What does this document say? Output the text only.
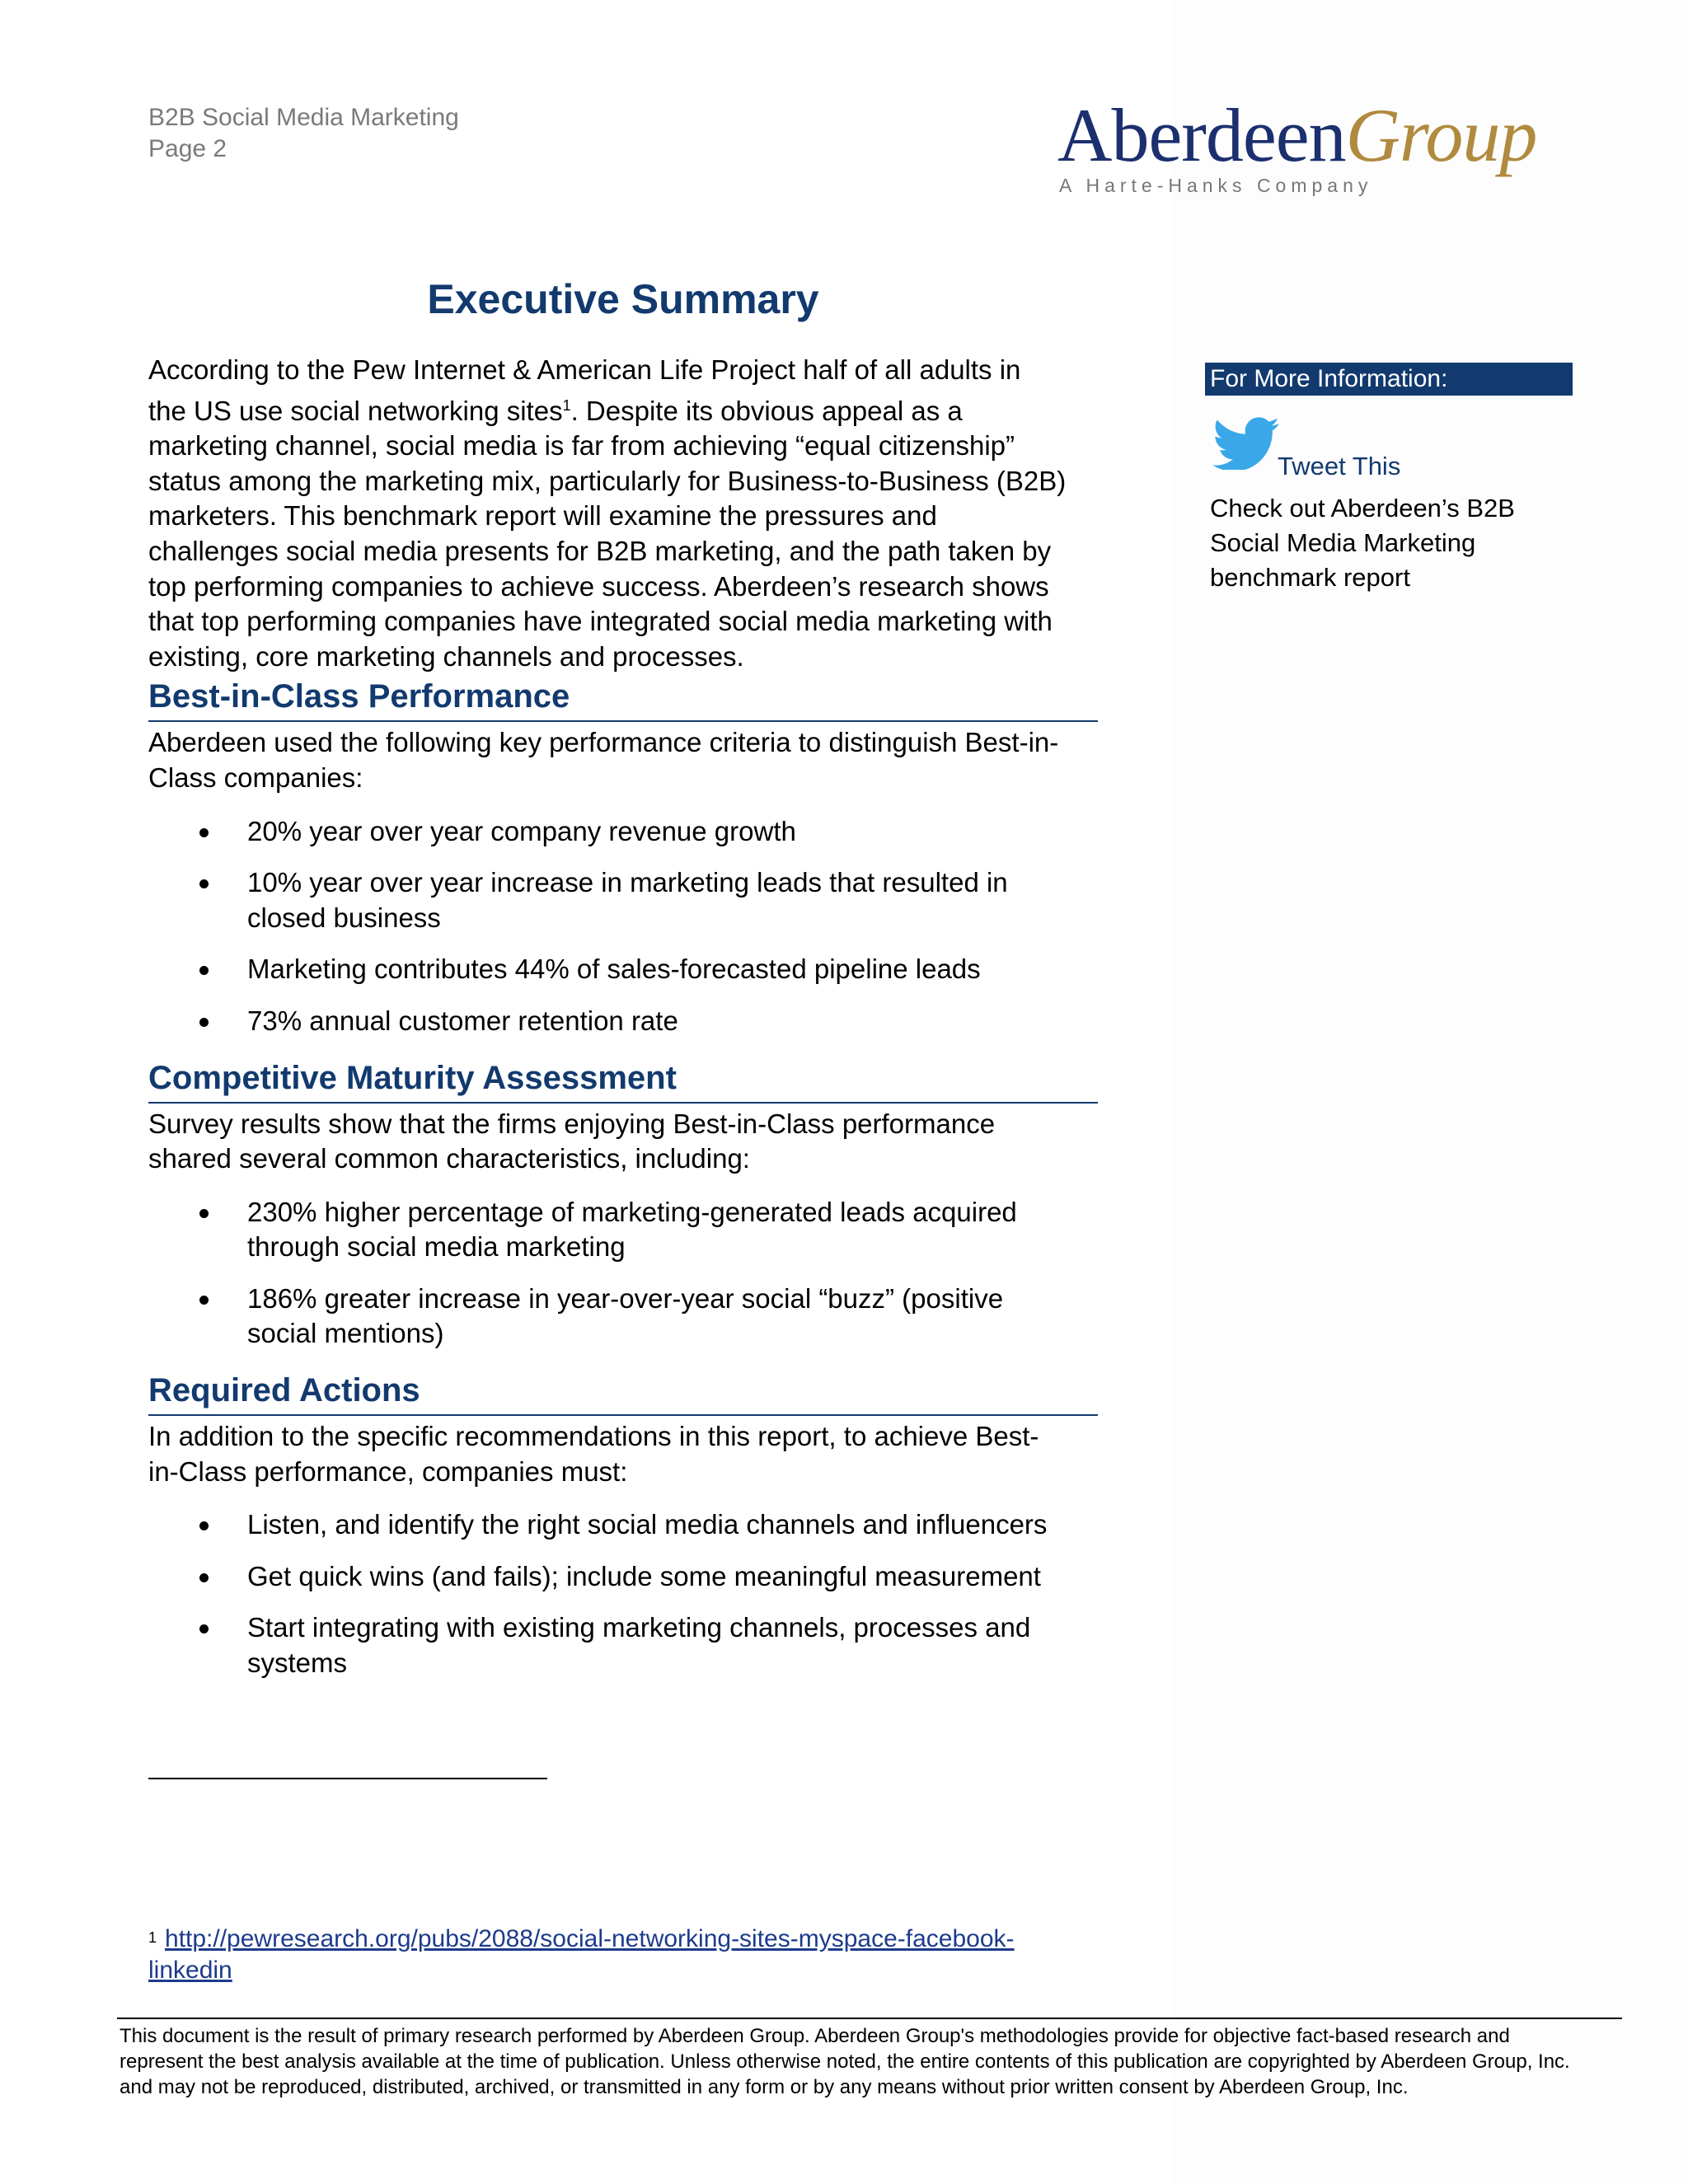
B2B Social Media Marketing
Page 2	AberdeenGroup
A Harte-Hanks Company
Executive Summary
According to the Pew Internet & American Life Project half of all adults in
the US use social networking sites$^1$. Despite its obvious appeal as a
marketing channel, social media is far from achieving “equal citizenship”
status among the marketing mix, particularly for Business-to-Business (B2B)
marketers. This benchmark report will examine the pressures and
challenges social media presents for B2B marketing, and the path taken by
top performing companies to achieve success. Aberdeen’s research shows
that top performing companies have integrated social media marketing with
existing, core marketing channels and processes.
Best-in-Class Performance
Aberdeen used the following key performance criteria to distinguish Best-in-
Class companies:
20% year over year company revenue growth
10% year over year increase in marketing leads that resulted in
closed business
Marketing contributes 44% of sales-forecasted pipeline leads
73% annual customer retention rate
Competitive Maturity Assessment
Survey results show that the firms enjoying Best-in-Class performance
shared several common characteristics, including:
230% higher percentage of marketing-generated leads acquired
through social media marketing
186% greater increase in year-over-year social “buzz” (positive
social mentions)
Required Actions
In addition to the specific recommendations in this report, to achieve Best-
in-Class performance, companies must:
Listen, and identify the right social media channels and influencers
Get quick wins (and fails); include some meaningful measurement
Start integrating with existing marketing channels, processes and
systems
For More Information:
Tweet This
Check out Aberdeen’s B2B
Social Media Marketing
benchmark report
$^1$ http://pewresearch.org/pubs/2088/social-networking-sites-myspace-facebook-
linkedin
This document is the result of primary research performed by Aberdeen Group. Aberdeen Group's methodologies provide for objective fact-based research and
represent the best analysis available at the time of publication. Unless otherwise noted, the entire contents of this publication are copyrighted by Aberdeen Group, Inc.
and may not be reproduced, distributed, archived, or transmitted in any form or by any means without prior written consent by Aberdeen Group, Inc.
